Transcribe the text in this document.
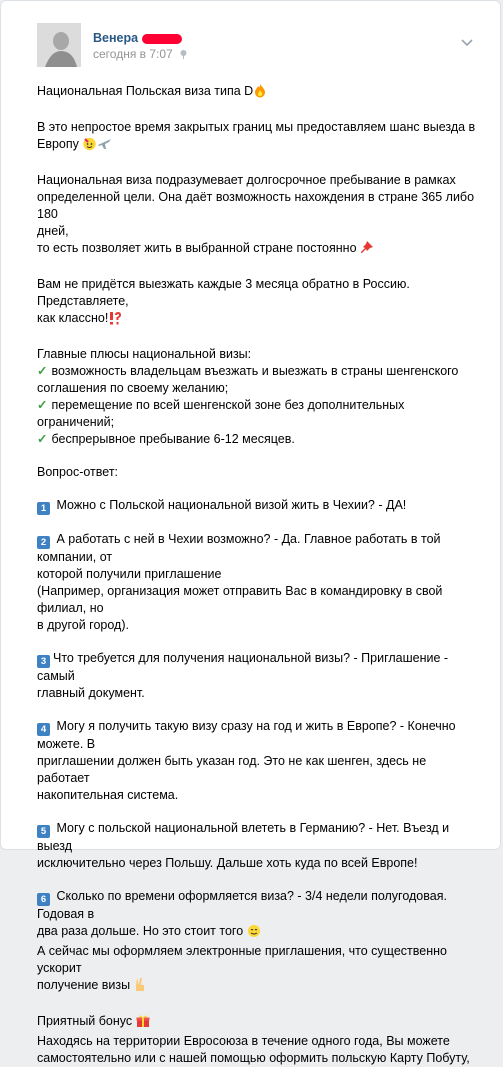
Венера
сегодня в 7:07

Национальная Польская виза типа D

В это непростое время закрытых границ мы предоставляем шанс выезда в

Европу

Национальная виза подразумевает долгосрочное пребывание в рамках

определенной цели. Она даёт возможность нахождения в стране 365 либо 180

дней,

то есть позволяет жить в выбранной стране постоянно

Вам не придётся выезжать каждые 3 месяца обратно в Россию. Представляете,

как классно!

Главные плюсы национальной визы:

✓ возможность владельцам въезжать и выезжать в страны шенгенского

соглашения по своему желанию;

✓ перемещение по всей шенгенской зоне без дополнительных ограничений;

✓ беспрерывное пребывание 6-12 месяцев.

Вопрос-ответ:

1 Можно с Польской национальной визой жить в Чехии? - ДА!

2 А работать с ней в Чехии возможно? - Да. Главное работать в той компании, от

которой получили приглашение

(Например, организация может отправить Вас в командировку в свой филиал, но

в другой город).

3 Что требуется для получения национальной визы? - Приглашение - самый

главный документ.

4 Могу я получить такую визу сразу на год и жить в Европе? - Конечно можете. В

приглашении должен быть указан год. Это не как шенген, здесь не работает

накопительная система.

5 Могу с польской национальной влететь в Германию? - Нет. Въезд и выезд

исключительно через Польшу. Дальше хоть куда по всей Европе!

6 Сколько по времени оформляется виза? - 3/4 недели полугодовая. Годовая в

два раза дольше. Но это стоит того

А сейчас мы оформляем электронные приглашения, что существенно ускорит

получение визы

Приятный бонус

Находясь на территории Евросоюза в течение одного года, Вы можете

самостоятельно или с нашей помощью оформить польскую Карту Побуту,
